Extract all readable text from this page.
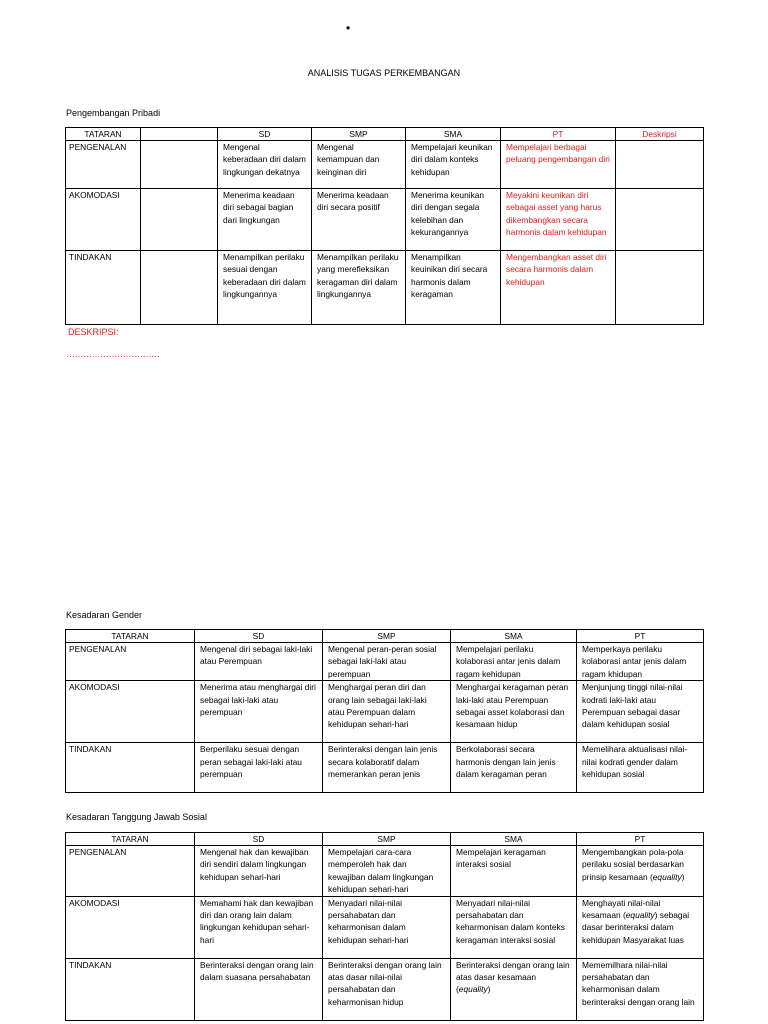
•
ANALISIS TUGAS PERKEMBANGAN
Pengembangan Pribadi
TATARAN		SD	SMP	SMA	PT	Deskripsi
PENGENALAN		Mengenal keberadaan diri dalam lingkungan dekatnya	Mengenal kemampuan dan keinginan diri	Mempelajari keunikan diri dalam konteks kehidupan	Mempelajari berbagai peluang pengembangan diri	
AKOMODASI		Menerima keadaan diri sebagai bagian dari lingkungan	Menerima keadaan diri secara positif	Menerima keunikan diri dengan segala kelebihan dan kekurangannya	Meyakini keunikan diri sebagai asset yang harus dikembangkan secara harmonis dalam kehidupan	
TINDAKAN		Menampilkan perilaku sesuai dengan keberadaan diri dalam lingkungannya	Menampilkan perilaku yang merefleksikan keragaman diri dalam lingkungannya	Menampilkan keuinikan diri secara harmonis dalam keragaman	Mengembangkan asset diri secara harmonis dalam kehidupan	
DESKRIPSI:
……………………………
Kesadaran Gender
TATARAN	SD	SMP	SMA	PT
PENGENALAN	Mengenal diri sebagai laki-laki atau Perempuan	Mengenal peran-peran sosial sebagai laki-laki atau perempuan	Mempelajari perilaku kolaborasi antar jenis dalam ragam kehidupan	Memperkaya perilaku kolaborasi antar jenis dalam ragam khidupan
AKOMODASI	Menerima atau menghargai diri sebagai laki-laki atau perempuan	Menghargai peran diri dan orang lain sebagai laki-laki atau Perempuan dalam kehidupan sehari-hari	Menghargai keragaman peran laki-laki atau Perempuan sebagai asset kolaborasi dan kesamaan hidup	Menjunjung tinggi nilai-nilai kodrati laki-laki atau Perempuan sebagai dasar dalam kehidupan sosial
TINDAKAN	Berperilaku sesuai dengan peran sebagai laki-laki atau perempuan	Berinteraksi dengan lain jenis secara kolaboratif dalam memerankan peran jenis	Berkolaborasi secara harmonis dengan lain jenis dalam keragaman peran	Memelihara aktualisasi nilai-nilai kodrati gender dalam kehidupan sosial
Kesadaran Tanggung Jawab Sosial
TATARAN	SD	SMP	SMA	PT
PENGENALAN	Mengenal hak dan kewajiban diri sendiri dalam lingkungan kehidupan sehari-hari	Mempelajari cara-cara memperoleh hak dan kewajiban dalam lingkungan kehidupan sehari-hari	Mempelajari keragaman interaksi sosial	Mengembangkan pola-pola perilaku sosial berdasarkan prinsip kesamaan (equality)
AKOMODASI	Memahami hak dan kewajiban diri dan orang lain dalam lingkungan kehidupan sehari-hari	Menyadari nilai-nilai persahabatan dan keharmonisan dalam kehidupan sehari-hari	Menyadari nilai-nilai persahabatan dan keharmonisan dalam konteks keragaman interaksi sosial	Menghayati nilai-nilai kesamaan (equality) sebagai dasar berinteraksi dalam kehidupan Masyarakat luas
TINDAKAN	Berinteraksi dengan orang lain dalam suasana persahabatan	Berinteraksi dengan orang lain atas dasar nilai-nilai persahabatan dan keharmonisan hidup	Berinteraksi dengan orang lain atas dasar kesamaan (equality)	Mememilhara nilai-nilai persahabatan dan keharmonisan dalam berinteraksi dengan orang lain
